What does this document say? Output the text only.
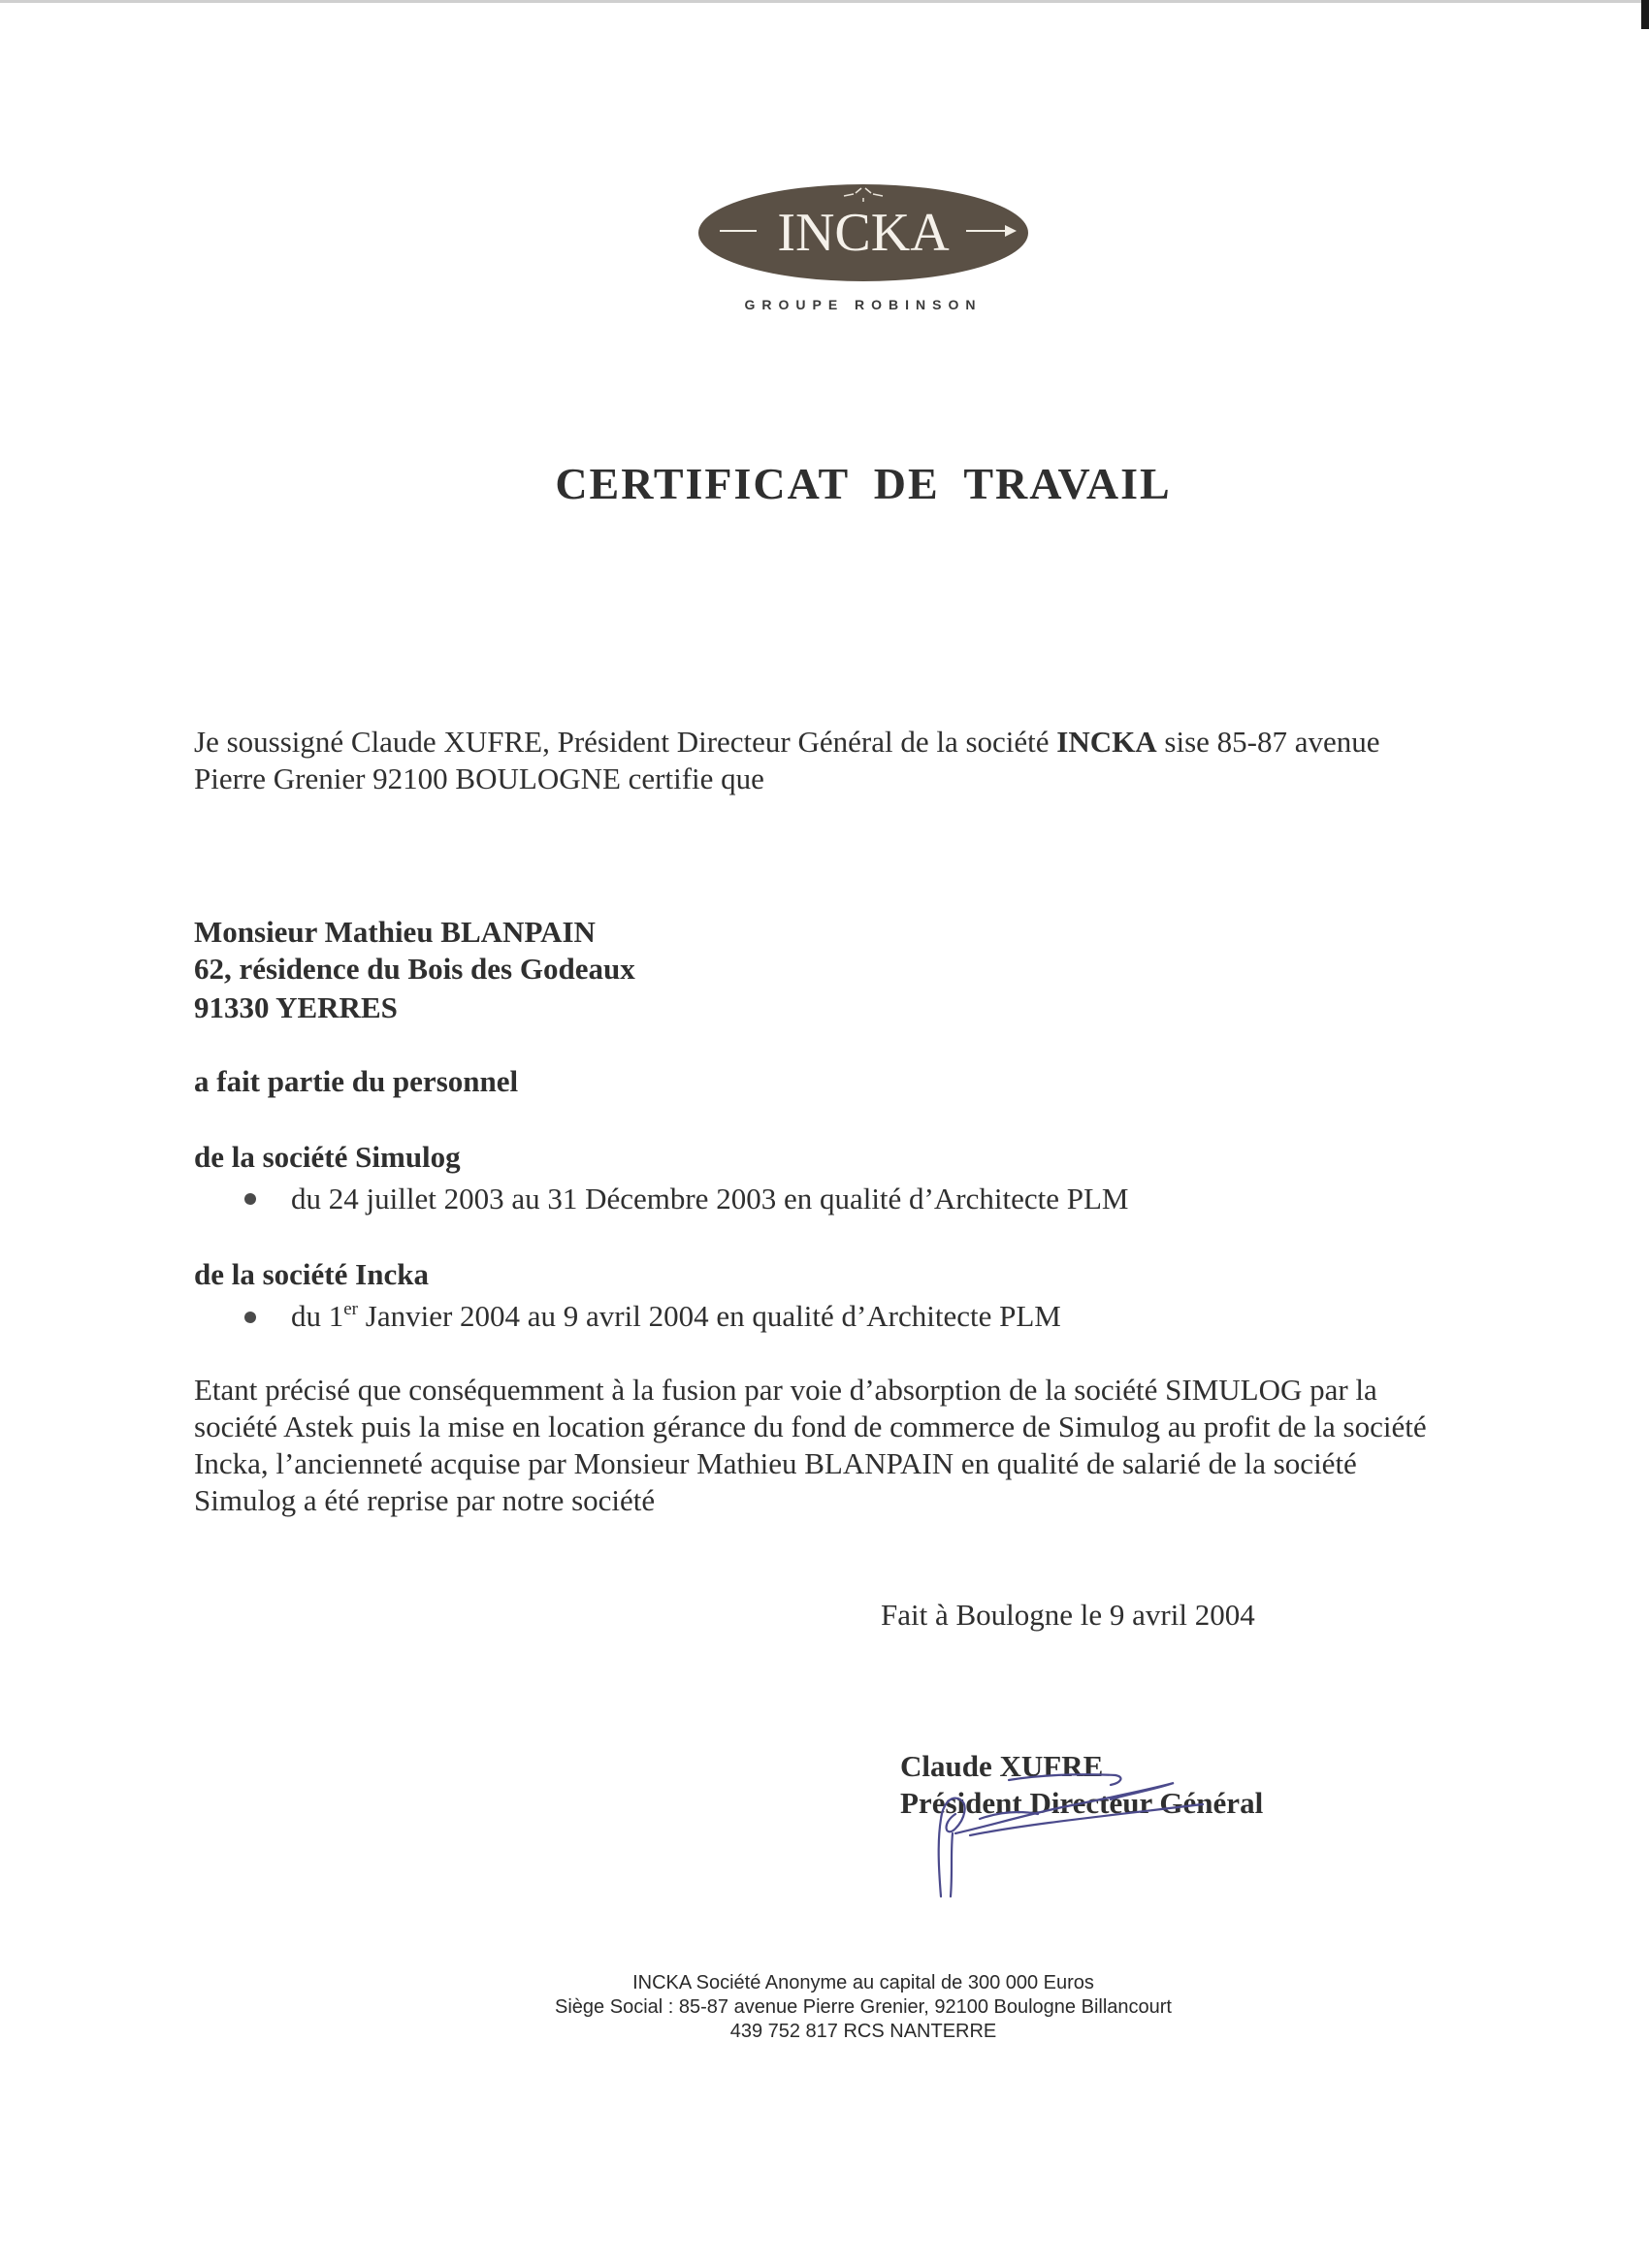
INCKA
GROUPE ROBINSON
CERTIFICAT DE TRAVAIL
Je soussigné Claude XUFRE, Président Directeur Général de la société INCKA sise 85-87 avenue
Pierre Grenier 92100 BOULOGNE certifie que
Monsieur Mathieu BLANPAIN
62, résidence du Bois des Godeaux
91330 YERRES
a fait partie du personnel
de la société Simulog
du 24 juillet 2003 au 31 Décembre 2003 en qualité d’Architecte PLM
de la société Incka
du 1er Janvier 2004 au 9 avril 2004 en qualité d’Architecte PLM
Etant précisé que conséquemment à la fusion par voie d’absorption de la société SIMULOG par la
société Astek puis la mise en location gérance du fond de commerce de Simulog au profit de la société
Incka, l’ancienneté acquise par Monsieur Mathieu BLANPAIN en qualité de salarié de la société
Simulog a été reprise par notre société
Fait à Boulogne le 9 avril 2004
Claude XUFRE
Président Directeur Général
INCKA Société Anonyme au capital de 300 000 Euros
Siège Social : 85-87 avenue Pierre Grenier, 92100 Boulogne Billancourt
439 752 817 RCS NANTERRE
